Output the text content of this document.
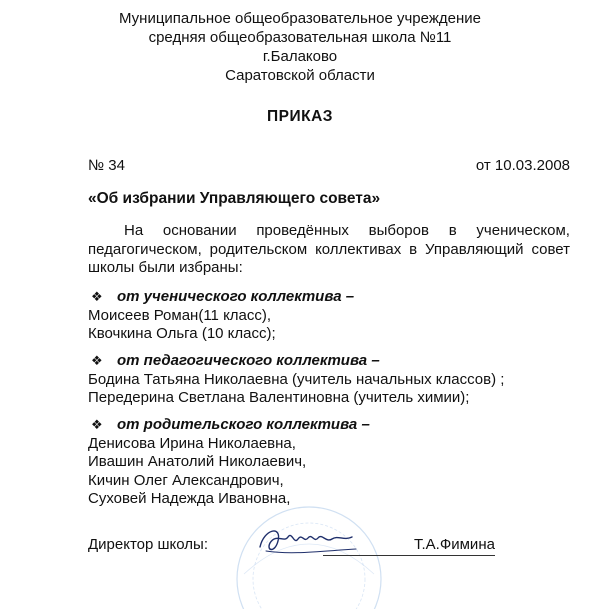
Муниципальное общеобразовательное учреждение
средняя общеобразовательная школа №11
г.Балаково
Саратовской области
ПРИКАЗ
№ 34	от 10.03.2008
«Об избрании Управляющего совета»
На основании проведённых выборов в ученическом,
педагогическом, родительском коллективах в Управляющий совет
школы были избраны:
❖ от ученического коллектива –
Моисеев Роман(11 класс),
Квочкина Ольга (10 класс);
❖ от педагогического коллектива –
Бодина Татьяна Николаевна (учитель начальных классов) ;
Передерина Светлана Валентиновна (учитель химии);
❖ от родительского коллектива –
Денисова Ирина Николаевна,
Ивашин Анатолий Николаевич,
Кичин Олег Александрович,
Суховей Надежда Ивановна,
Директор школы:	Т.А.Фимина
